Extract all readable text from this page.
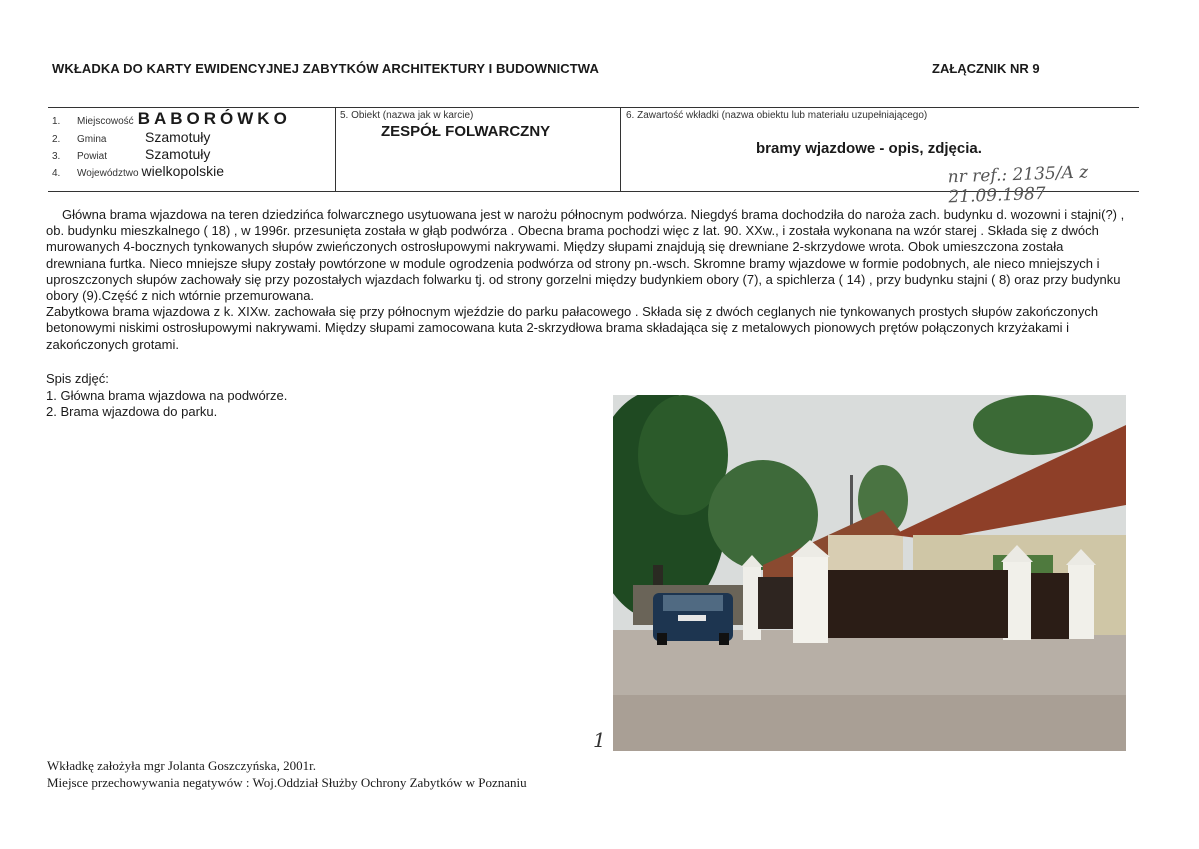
WKŁADKA DO KARTY EWIDENCYJNEJ ZABYTKÓW ARCHITEKTURY I BUDOWNICTWA	ZAŁĄCZNIK NR 9
1.	Miejscowość BABORÓWKO
2.	Gmina	Szamotuły
3.	Powiat	Szamotuły
4.	Województwo wielkopolskie
5. Obiekt (nazwa jak w karcie)
ZESPÓŁ FOLWARCZNY
6. Zawartość wkładki (nazwa obiektu lub materiału uzupełniającego)
bramy wjazdowe - opis, zdjęcia.
nr ref.: 2135/A z 21.09.1987

Główna brama wjazdowa na teren dziedzińca folwarcznego usytuowana jest w narożu północnym podwórza. Niegdyś brama dochodziła do naroża zach. budynku d. wozowni i stajni(?) , ob. budynku mieszkalnego ( 18) , w 1996r. przesunięta została w głąb podwórza . Obecna brama pochodzi więc z lat. 90. XXw., i została wykonana na wzór starej . Składa się z dwóch murowanych 4-bocznych tynkowanych słupów zwieńczonych ostrosłupowymi nakrywami. Między słupami znajdują się drewniane 2-skrzydowe wrota. Obok umieszczona została drewniana furtka. Nieco mniejsze słupy zostały powtórzone w module ogrodzenia podwórza od strony pn.-wsch. Skromne bramy wjazdowe w formie podobnych, ale nieco mniejszych i uproszczonych słupów zachowały się przy pozostałych wjazdach folwarku tj. od strony gorzelni między budynkiem obory (7), a spichlerza ( 14) , przy budynku stajni ( 8) oraz przy budynku obory (9).Część z nich wtórnie przemurowana.

Zabytkowa brama wjazdowa z k. XIXw. zachowała się przy północnym wjeździe do parku pałacowego . Składa się z dwóch ceglanych nie tynkowanych prostych słupów zakończonych betonowymi niskimi ostrosłupowymi nakrywami. Między słupami zamocowana kuta 2-skrzydłowa brama składająca się z metalowych pionowych prętów połączonych krzyżakami i zakończonych grotami.

Spis zdjęć:
1. Główna brama wjazdowa na podwórze.
2. Brama wjazdowa do parku.
1
Wkładkę założyła mgr Jolanta Goszczyńska, 2001r.
Miejsce przechowywania negatywów : Woj.Oddział Służby Ochrony Zabytków w Poznaniu
